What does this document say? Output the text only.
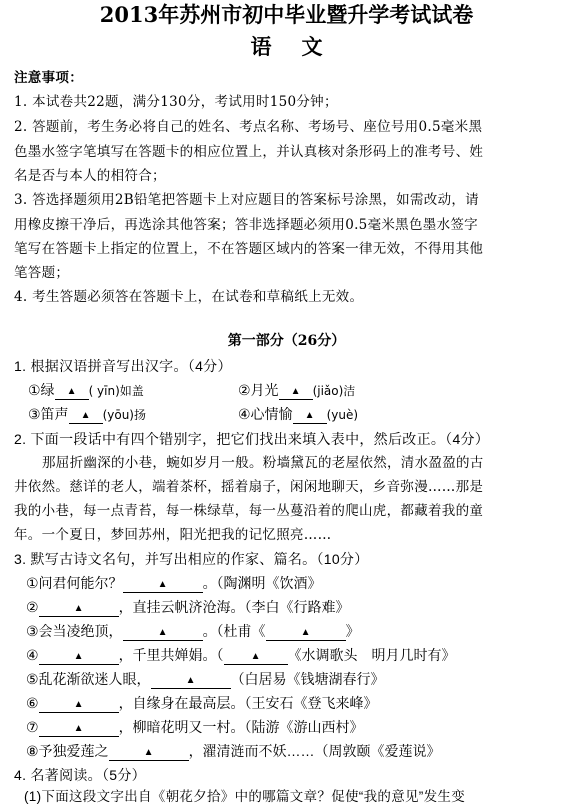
2013年苏州市初中毕业暨升学考试试卷
语文
注意事项：
1. 本试卷共22题，满分130分，考试用时150分钟；
2. 答题前，考生务必将自己的姓名、考点名称、考场号、座位号用0.5毫米黑
色墨水签字笔填写在答题卡的相应位置上，并认真核对条形码上的准考号、姓
名是否与本人的相符合；
3. 答选择题须用2B铅笔把答题卡上对应题目的答案标号涂黑，如需改动，请
用橡皮擦干净后，再选涂其他答案；答非选择题必须用0.5毫米黑色墨水签字
笔写在答题卡上指定的位置上，不在答题区域内的答案一律无效，不得用其他
笔答题；
4. 考生答题必须答在答题卡上，在试卷和草稿纸上无效。
第一部分（26分）
1. 根据汉语拼音写出汉字。（4分）
①绿 ▲ ( yīn)如盖	②月光 ▲ (jiǎo)洁
③笛声 ▲ (yōu)扬	④心情愉 ▲ (yuè)
2. 下面一段话中有四个错别字，把它们找出来填入表中，然后改正。（4分）
那屈折幽深的小巷，蜿如岁月一般。粉墙黛瓦的老屋依然，清水盈盈的古
井依然。慈详的老人，端着茶杯，摇着扇子，闲闲地聊天，乡音弥漫……那是
我的小巷，每一点青苔，每一株绿草，每一丛蔓沿着的爬山虎，都藏着我的童
年。一个夏日，梦回苏州，阳光把我的记忆照亮……
3. 默写古诗文名句，并写出相应的作家、篇名。（10分）
①问君何能尔？	▲	。（陶渊明《饮酒》
②	▲	，直挂云帆济沧海。（李白《行路难》
③会当凌绝顶，	▲	。（杜甫《	▲	》
④	▲	，千里共婵娟。（	▲ 《水调歌头　明月几时有》
⑤乱花渐欲迷人眼，	▲	（白居易《钱塘湖春行》
⑥	▲	，自缘身在最高层。（王安石《登飞来峰》
⑦	▲	，柳暗花明又一村。（陆游《游山西村》
⑧予独爱莲之	▲	，濯清涟而不妖……（周敦颐《爱莲说》
4. 名著阅读。（5分）
(1)下面这段文字出自《朝花夕拾》中的哪篇文章？促使“我的意见”发生变
